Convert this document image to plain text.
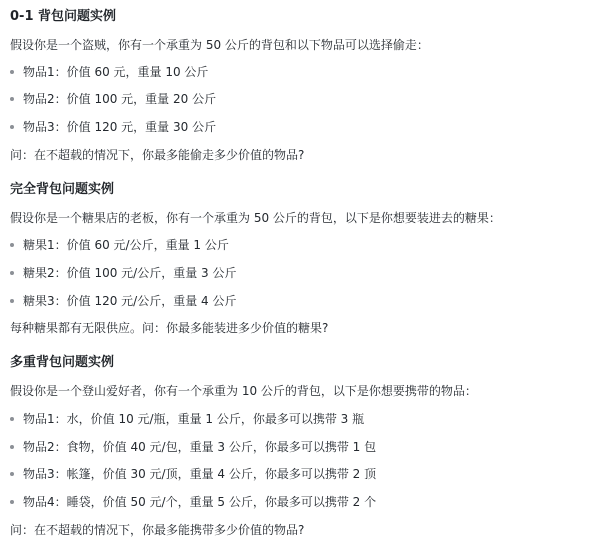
0-1 背包问题实例

假设你是一个盗贼，你有一个承重为 50 公斤的背包和以下物品可以选择偷走：

物品1：价值 60 元，重量 10 公斤
物品2：价值 100 元，重量 20 公斤
物品3：价值 120 元，重量 30 公斤

问：在不超载的情况下，你最多能偷走多少价值的物品?

完全背包问题实例

假设你是一个糖果店的老板，你有一个承重为 50 公斤的背包，以下是你想要装进去的糖果：

糖果1：价值 60 元/公斤，重量 1 公斤
糖果2：价值 100 元/公斤，重量 3 公斤
糖果3：价值 120 元/公斤，重量 4 公斤

每种糖果都有无限供应。问：你最多能装进多少价值的糖果?

多重背包问题实例

假设你是一个登山爱好者，你有一个承重为 10 公斤的背包，以下是你想要携带的物品：

物品1：水，价值 10 元/瓶，重量 1 公斤，你最多可以携带 3 瓶
物品2：食物，价值 40 元/包，重量 3 公斤，你最多可以携带 1 包
物品3：帐篷，价值 30 元/顶，重量 4 公斤，你最多可以携带 2 顶
物品4：睡袋，价值 50 元/个，重量 5 公斤，你最多可以携带 2 个

问：在不超载的情况下，你最多能携带多少价值的物品?
